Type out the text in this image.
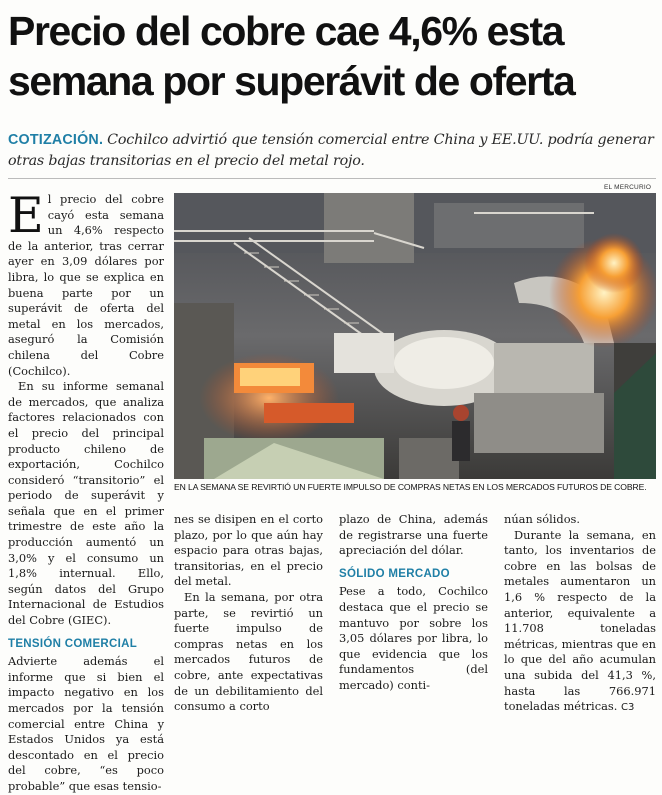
Precio del cobre cae 4,6% esta semana por superávit de oferta
COTIZACIÓN. Cochilco advirtió que tensión comercial entre China y EE.UU. podría generar otras bajas transitorias en el precio del metal rojo.

El precio del cobre cayó esta semana un 4,6% respecto de la anterior, tras cerrar ayer en 3,09 dólares por libra, lo que se explica en buena parte por un superávit de oferta del metal en los mercados, aseguró la Comisión chilena del Cobre (Cochilco).

En su informe semanal de mercados, que analiza factores relacionados con el precio del principal producto chileno de exportación, Cochilco consideró “transitorio” el periodo de superávit y señala que en el primer trimestre de este año la producción aumentó un 3,0% y el consumo un 1,8% internual. Ello, según datos del Grupo Internacional de Estudios del Cobre (GIEC).

TENSIÓN COMERCIAL

Advierte además el informe que si bien el impacto negativo en los mercados por la tensión comercial entre China y Estados Unidos ya está descontado en el precio del cobre, “es poco probable” que esas tensio-

EL MERCURIO
EN LA SEMANA SE REVIRTIÓ UN FUERTE IMPULSO DE COMPRAS NETAS EN LOS MERCADOS FUTUROS DE COBRE.

nes se disipen en el corto plazo, por lo que aún hay espacio para otras bajas, transitorias, en el precio del metal.

En la semana, por otra parte, se revirtió un fuerte impulso de compras netas en los mercados futuros de cobre, ante expectativas de un debilitamiento del consumo a corto

plazo de China, además de registrarse una fuerte apreciación del dólar.

SÓLIDO MERCADO

Pese a todo, Cochilco destaca que el precio se mantuvo por sobre los 3,05 dólares por libra, lo que evidencia que los fundamentos (del mercado) conti-

núan sólidos.

Durante la semana, en tanto, los inventarios de cobre en las bolsas de metales aumentaron un 1,6 % respecto de la anterior, equivalente a 11.708 toneladas métricas, mientras que en lo que del año acumulan una subida del 41,3 %, hasta las 766.971 toneladas métricas. C3
